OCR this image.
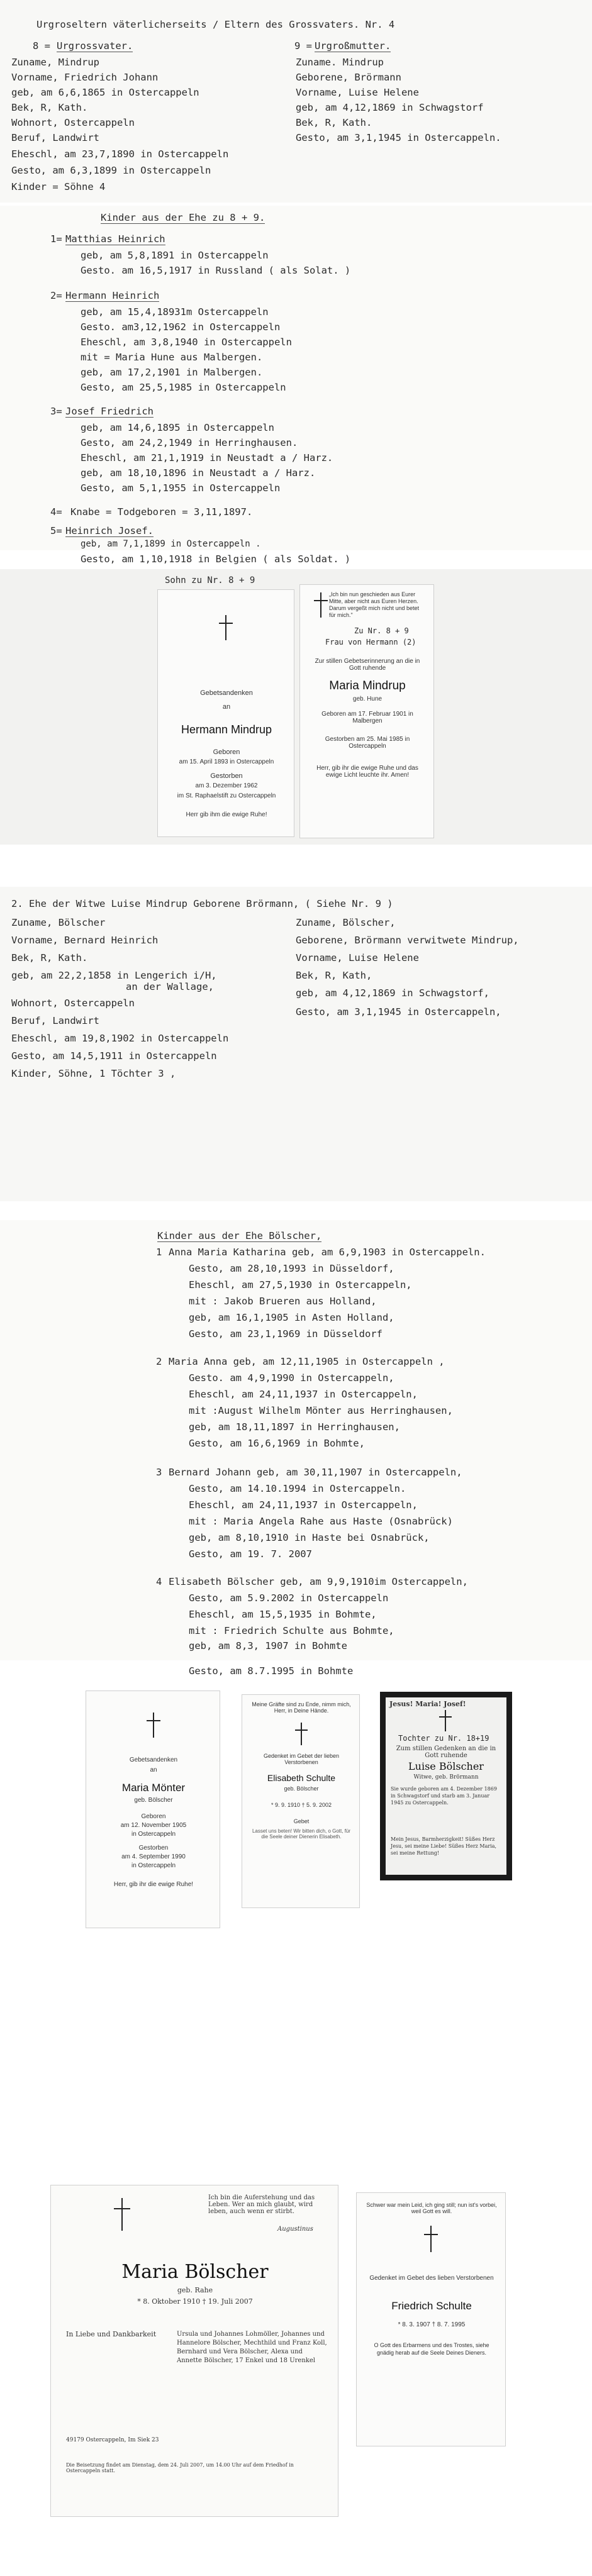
Urgroseltern väterlicherseits / Eltern des Grossvaters. Nr. 4
8 = Urgrossvater.	9 = Urgroßmutter.
Zuname, Mindrup
Vorname, Friedrich Johann
geb, am 6,6,1865 in Ostercappeln
Bek, R, Kath.
Wohnort, Ostercappeln
Beruf, Landwirt
Eheschl, am 23,7,1890 in Ostercappeln
Gesto, am 6,3,1899 in Ostercappeln
Kinder = Söhne 4
Zuname. Mindrup
Geborene, Brörmann
Vorname, Luise Helene
geb, am 4,12,1869 in Schwagstorf
Bek, R, Kath.
Gesto, am 3,1,1945 in Ostercappeln.
Kinder aus der Ehe zu 8 + 9.
1= Matthias Heinrich
geb, am 5,8,1891 in Ostercappeln
Gesto. am 16,5,1917 in Russland ( als Solat. )
2= Hermann Heinrich
geb, am 15,4,18931m Ostercappeln
Gesto. am3,12,1962 in Ostercappeln
Eheschl, am 3,8,1940 in Ostercappeln
mit = Maria Hune aus Malbergen.
geb, am 17,2,1901 in Malbergen.
Gesto, am 25,5,1985 in Ostercappeln
3= Josef Friedrich
geb, am 14,6,1895 in Ostercappeln
Gesto, am 24,2,1949 in Herringhausen.
Eheschl, am 21,1,1919 in Neustadt a / Harz.
geb, am 18,10,1896 in Neustadt a / Harz.
Gesto, am 5,1,1955 in Ostercappeln
4= Knabe = Todgeboren = 3,11,1897.
5= Heinrich Josef.
geb, am 7,1,1899 in Ostercappeln .
Gesto, am 1,10,1918 in Belgien ( als Soldat. )
Sohn zu Nr. 8 + 9
Gebetsandenken
an
Hermann Mindrup
Geboren
am 15. April 1893 in Ostercappeln
Gestorben
am 3. Dezember 1962
im St. Raphaelstift zu Ostercappeln
Herr gib ihm die ewige Ruhe!
„Ich bin nun geschieden aus Eurer Mitte, aber nicht aus Euren Herzen. Darum vergeßt mich nicht und betet für mich."
Zu Nr. 8 + 9
Frau von Hermann (2)
Zur stillen Gebetserinnerung an die in Gott ruhende
Maria Mindrup
geb. Hune
Geboren am 17. Februar 1901 in Malbergen
Gestorben am 25. Mai 1985 in Ostercappeln
Herr, gib ihr die ewige Ruhe und das ewige Licht leuchte ihr. Amen!
2. Ehe der Witwe Luise Mindrup Geborene Brörmann, ( Siehe Nr. 9 )
Zuname, Bölscher
Vorname, Bernard Heinrich
Bek, R, Kath.
geb, am 22,2,1858 in Lengerich i/H,
an der Wallage,
Wohnort, Ostercappeln
Beruf, Landwirt
Eheschl, am 19,8,1902 in Ostercappeln
Gesto, am 14,5,1911 in Ostercappeln
Kinder, Söhne, 1 Töchter 3 ,
Zuname, Bölscher,
Geborene, Brörmann verwitwete Mindrup,
Vorname, Luise Helene
Bek, R, Kath,
geb, am 4,12,1869 in Schwagstorf,
Gesto, am 3,1,1945 in Ostercappeln,
Kinder aus der Ehe Bölscher,
1 Anna Maria Katharina geb, am 6,9,1903 in Ostercappeln.
Gesto, am 28,10,1993 in Düsseldorf,
Eheschl, am 27,5,1930 in Ostercappeln,
mit : Jakob Brueren aus Holland,
geb, am 16,1,1905 in Asten Holland,
Gesto, am 23,1,1969 in Düsseldorf
2 Maria Anna geb, am 12,11,1905 in Ostercappeln ,
Gesto. am 4,9,1990 in Ostercappeln,
Eheschl, am 24,11,1937 in Ostercappeln,
mit :August Wilhelm Mönter aus Herringhausen,
geb, am 18,11,1897 in Herringhausen,
Gesto, am 16,6,1969 in Bohmte,
3 Bernard Johann geb, am 30,11,1907 in Ostercappeln,
Gesto, am 14.10.1994 in Ostercappeln.
Eheschl, am 24,11,1937 in Ostercappeln,
mit : Maria Angela Rahe aus Haste (Osnabrück)
geb, am 8,10,1910 in Haste bei Osnabrück,
Gesto, am 19. 7. 2007
4 Elisabeth Bölscher geb, am 9,9,1910im Ostercappeln,
Gesto, am 5.9.2002 in Ostercappeln
Eheschl, am 15,5,1935 in Bohmte,
mit : Friedrich Schulte aus Bohmte,
geb, am 8,3, 1907 in Bohmte
Gesto, am 8.7.1995 in Bohmte
Gebetsandenken
an
Maria Mönter
geb. Bölscher
Geboren
am 12. November 1905
in Ostercappeln
Gestorben
am 4. September 1990
in Ostercappeln
Herr, gib ihr die ewige Ruhe!
Meine Gräfte sind zu Ende, nimm mich, Herr, in Deine Hände.
Gedenket im Gebet der lieben Verstorbenen
Elisabeth Schulte
geb. Bölscher
* 9. 9. 1910 † 5. 9. 2002
Gebet
Lasset uns beten! Wir bitten dich, o Gott, für die Seele deiner Dienerin Elisabeth.
Jesus! Maria! Josef!
Tochter zu Nr. 18+19
Zum stillen Gedenken an die in Gott ruhende
Luise Bölscher
Witwe, geb. Brörmann
Sie wurde geboren am 4. Dezember 1869 in Schwagstorf und starb am 3. Januar 1945 zu Ostercappeln.
Mein Jesus, Barmherzigkeit! Süßes Herz Jesu, sei meine Liebe! Süßes Herz Maria, sei meine Rettung!
Ich bin die Auferstehung und das Leben. Wer an mich glaubt, wird leben, auch wenn er stirbt.
Augustinus
Maria Bölscher
geb. Rahe
* 8. Oktober 1910 † 19. Juli 2007
In Liebe und Dankbarkeit	Ursula und Johannes Lohmöller, Johannes und Hannelore Bölscher, Mechthild und Franz Koll, Bernhard und Vera Bölscher, Alexa und Annette Bölscher, 17 Enkel und 18 Urenkel
49179 Ostercappeln, Im Siek 23
Die Beisetzung findet am Dienstag, dem 24. Juli 2007, um 14.00 Uhr auf dem Friedhof in Ostercappeln statt.
Schwer war mein Leid, ich ging still; nun ist's vorbei, weil Gott es will.
Gedenket im Gebet des lieben Verstorbenen
Friedrich Schulte
* 8. 3. 1907 † 8. 7. 1995
O Gott des Erbarmens und des Trostes, siehe gnädig herab auf die Seele Deines Dieners.
